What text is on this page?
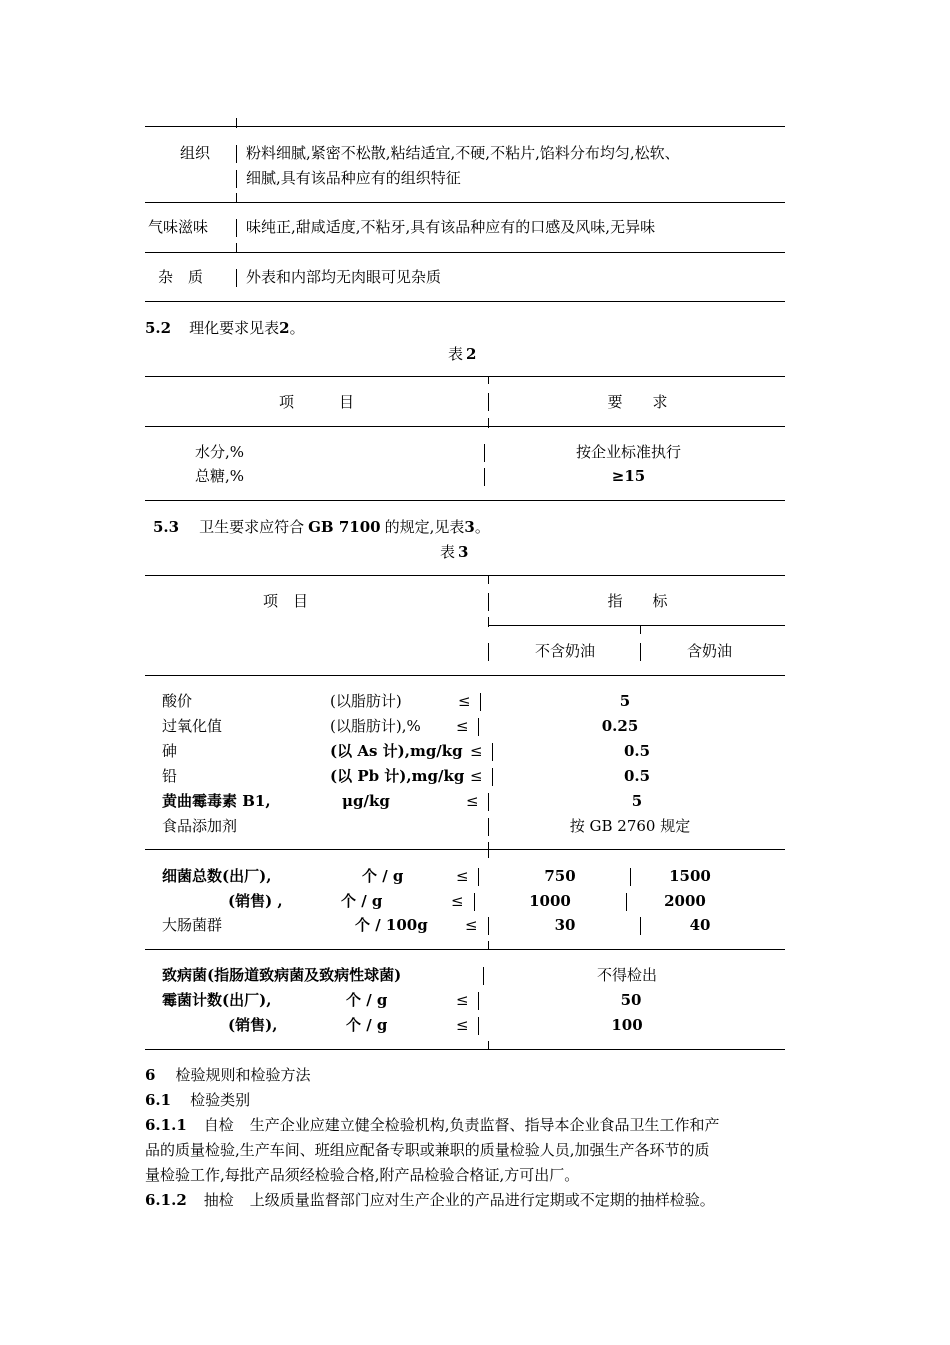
组织	粉料细腻,紧密不松散,粘结适宜,不硬,不粘片,馅料分布均匀,松软、
细腻,具有该品种应有的组织特征
气味滋味	味纯正,甜咸适度,不粘牙,具有该品种应有的口感及风味,无异味
杂　质	外表和内部均无肉眼可见杂质
5.2 理化要求见表2。
表 2
项　　　目	要　　求
水分,%	按企业标准执行
总糖,%	≥15
5.3 卫生要求应符合 GB 7100 的规定,见表3。
表 3
项　目	指　　标
不含奶油	含奶油
酸价	(以脂肪计)	≤	5
过氧化值	(以脂肪计),% ≤	0.25
砷	(以 As 计),mg/kg ≤	0.5
铅	(以 Pb 计),mg/kg ≤	0.5
黄曲霉毒素 B1,	μg/kg	≤	5
食品添加剂	按 GB 2760 规定
细菌总数(出厂),	个 / g	≤	750	1500
(销售) ,	个 / g	≤	1000	2000
大肠菌群	个 / 100g ≤	30	40
致病菌(指肠道致病菌及致病性球菌)	不得检出
霉菌计数(出厂),	个 / g	≤	50
(销售),	个 / g	≤	100
6 检验规则和检验方法
6.1 检验类别
6.1.1 自检 生产企业应建立健全检验机构,负责监督、指导本企业食品卫生工作和产
品的质量检验,生产车间、班组应配备专职或兼职的质量检验人员,加强生产各环节的质
量检验工作,每批产品须经检验合格,附产品检验合格证,方可出厂。
6.1.2 抽检 上级质量监督部门应对生产企业的产品进行定期或不定期的抽样检验。
